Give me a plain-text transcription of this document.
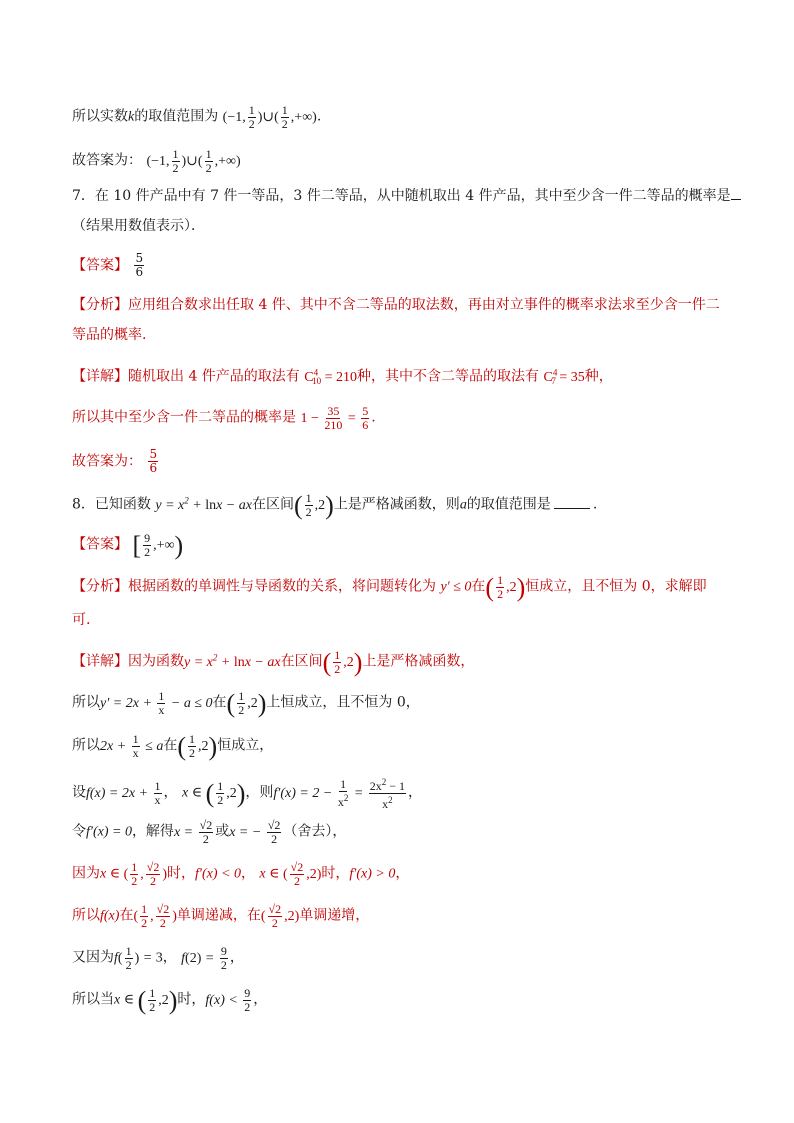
所以实数k的取值范围为 (−1, $\frac{1}{2}$ )∪( $\frac{1}{2}$ ,+∞).
故答案为： (−1, $\frac{1}{2}$ )∪( $\frac{1}{2}$ ,+∞)
7．在 10 件产品中有 7 件一等品，3 件二等品，从中随机取出 4 件产品，其中至少含一件二等品的概率是
（结果用数值表示）．
【答案】 $\frac{5}{6}$
【分析】应用组合数求出任取 4 件、其中不含二等品的取法数，再由对立事件的概率求法求至少含一件二
等品的概率.
【详解】随机取出 4 件产品的取法有 $C^4_{10} = 210$种，其中不含二等品的取法有 $C^4_7 = 35$种，
所以其中至少含一件二等品的概率是 $1 - \frac{35}{210} = \frac{5}{6}$ .
故答案为： $\frac{5}{6}$
8．已知函数 $y = x^2 + \ln x$ − ax在区间( $\frac{1}{2} ,2$)上是严格减函数，则a的取值范围是	.
【答案】 [ $\frac{9}{2}$ ,+∞)
【分析】根据函数的单调性与导函数的关系，将问题转化为 y′ ≤ 0在( $\frac{1}{2} ,2$)恒成立，且不恒为 0，求解即
可.
【详解】因为函数$y = x^2 + \ln x$ − ax在区间( $\frac{1}{2} ,2$)上是严格减函数，
所以$y' = 2x + \frac{1}{x} - a \le 0$在( $\frac{1}{2} ,2$)上恒成立，且不恒为 0，
所以$2x + \frac{1}{x} \le a$在( $\frac{1}{2} ,2$)恒成立，
设$f(x) = 2x + \frac{1}{x}$ ， x ∈ ( $\frac{1}{2} ,2$)，则$f'(x) = 2 - \frac{1}{x^2} = \frac{2x^2 - 1}{x^2}$ ，
令f′(x) = 0，解得$x = \frac{√2}{2}$ 或x = − $\frac{√2}{2}$ （舍去），
因为x ∈ ( $\frac{1}{2}$ , $\frac{√2}{2}$ )时，f′(x) < 0， x ∈ ( $\frac{√2}{2} ,2$)时，f′(x) > 0，
所以f(x)在( $\frac{1}{2}$ , $\frac{√2}{2}$ )单调递减，在( $\frac{√2}{2} ,2$)单调递增，
又因为$f( \frac{1}{2}$ ) = 3， $f(2) = \frac{9}{2}$ ，
所以当x ∈ ( $\frac{1}{2} ,2$)时，$f(x) < \frac{9}{2}$ ，
